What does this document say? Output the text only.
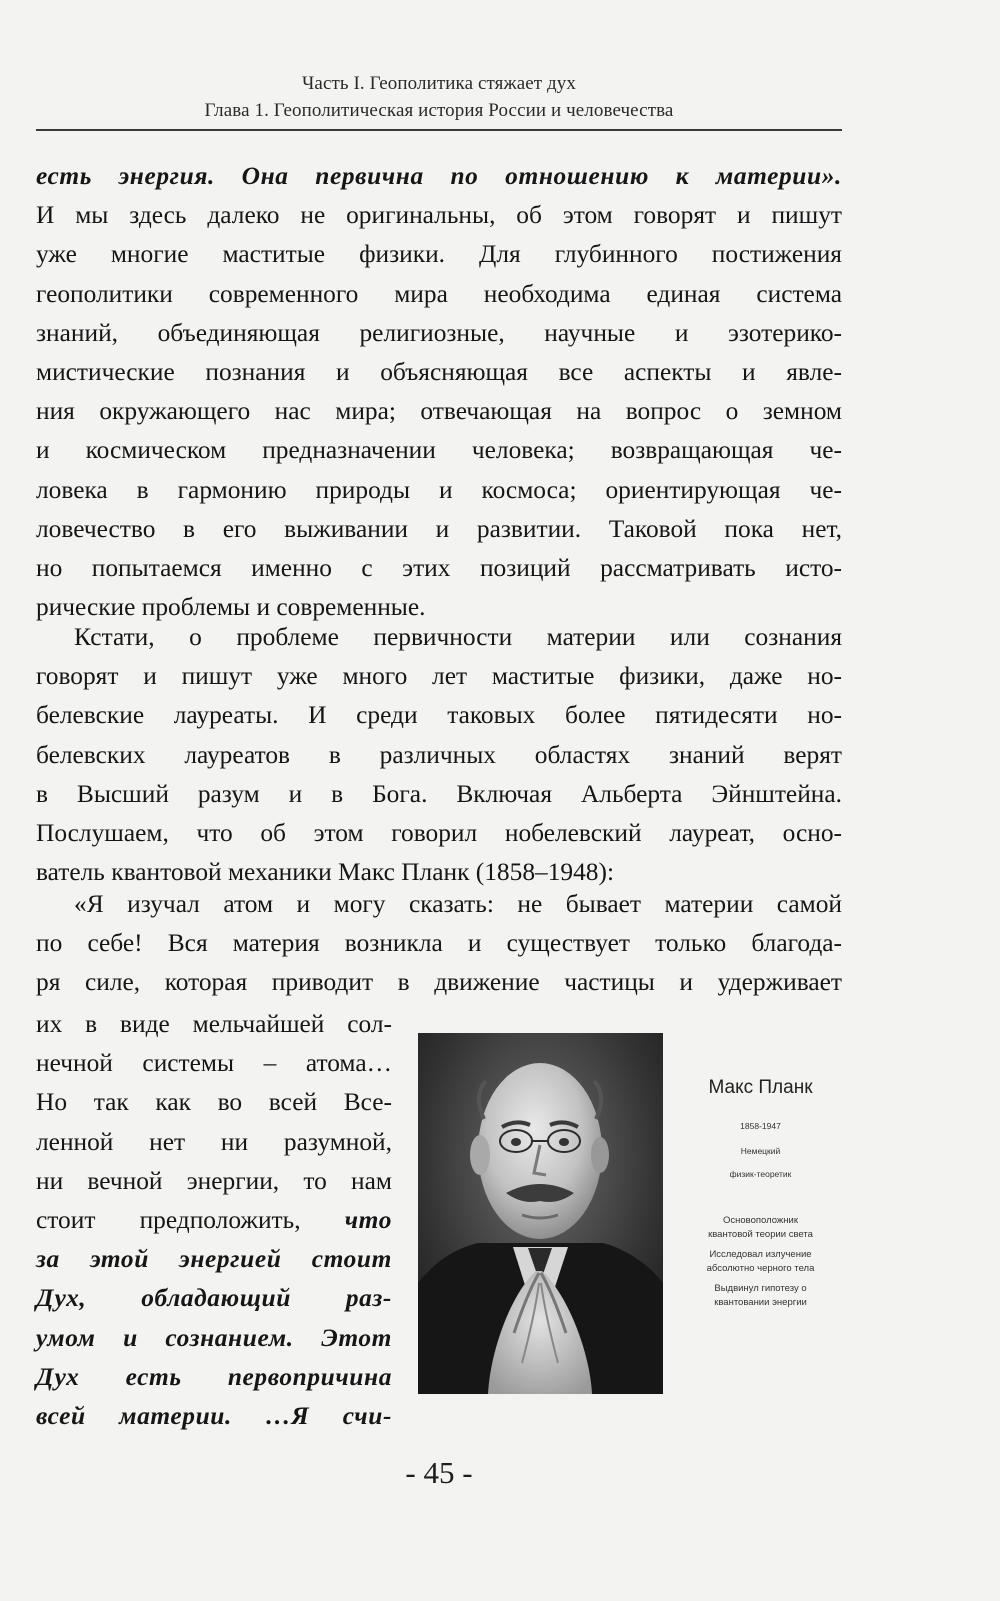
Часть I. Геополитика стяжает дух
Глава 1. Геополитическая история России и человечества
есть энергия. Она первична по отношению к материи».
И мы здесь далеко не оригинальны, об этом говорят и пишут
уже многие маститые физики. Для глубинного постижения
геополитики современного мира необходима единая система
знаний, объединяющая религиозные, научные и эзотерико-
мистические познания и объясняющая все аспекты и явле-
ния окружающего нас мира; отвечающая на вопрос о земном
и космическом предназначении человека; возвращающая че-
ловека в гармонию природы и космоса; ориентирующая че-
ловечество в его выживании и развитии. Таковой пока нет,
но попытаемся именно с этих позиций рассматривать исто-
рические проблемы и современные.
Кстати, о проблеме первичности материи или сознания
говорят и пишут уже много лет маститые физики, даже но-
белевские лауреаты. И среди таковых более пятидесяти но-
белевских лауреатов в различных областях знаний верят
в Высший разум и в Бога. Включая Альберта Эйнштейна.
Послушаем, что об этом говорил нобелевский лауреат, осно-
ватель квантовой механики Макс Планк (1858–1948):
«Я изучал атом и могу сказать: не бывает материи самой
по себе! Вся материя возникла и существует только благода-
ря силе, которая приводит в движение частицы и удерживает
их в виде мельчайшей сол-
нечной системы – атома…
Но так как во всей Все-
ленной нет ни разумной,
ни вечной энергии, то нам
стоит предположить, что
за этой энергией стоит
Дух, обладающий раз-
умом и сознанием. Этот
Дух есть первопричина
всей материи. …Я счи-
Макс Планк
1858-1947
Немецкий
физик-теоретик
Основоположник
квантовой теории света
Исследовал излучение
абсолютно черного тела
Выдвинул гипотезу о
квантовании энергии
- 45 -
